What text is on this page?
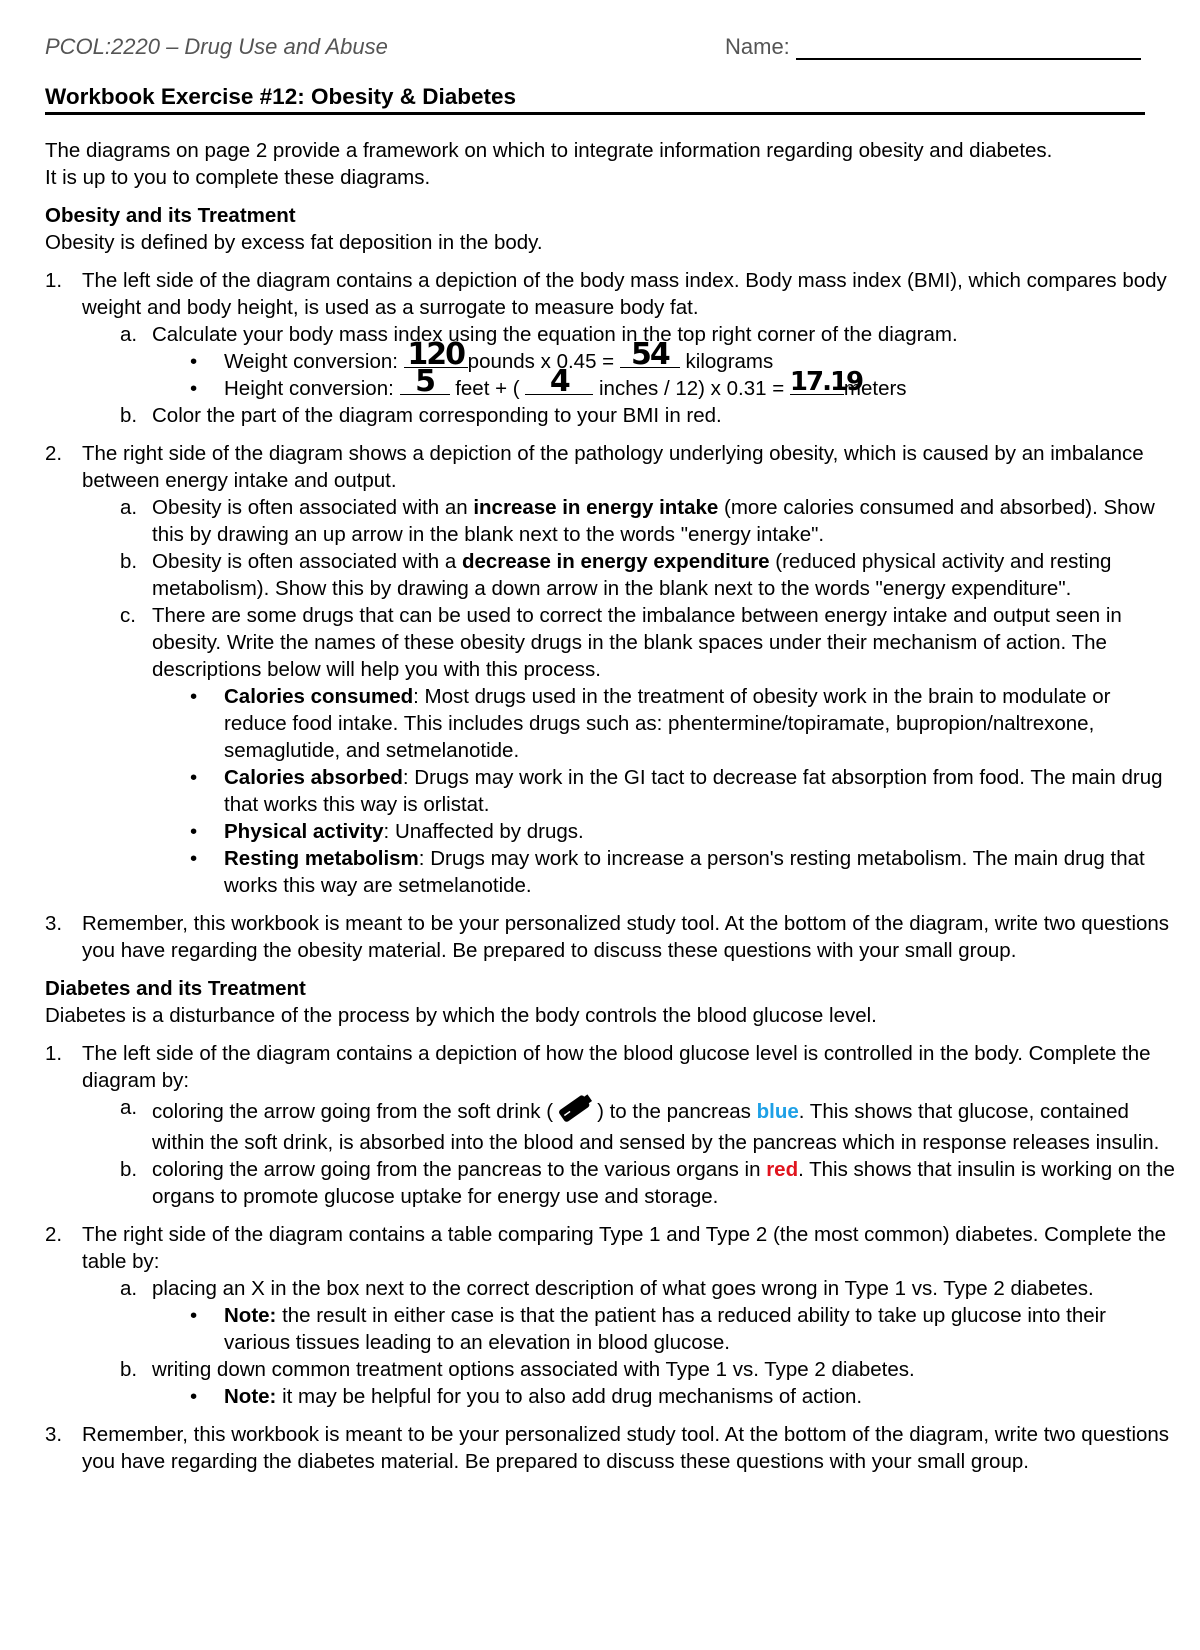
PCOL:2220 – Drug Use and Abuse	Name:
Workbook Exercise #12: Obesity & Diabetes

The diagrams on page 2 provide a framework on which to integrate information regarding obesity and diabetes.

It is up to you to complete these diagrams.

Obesity and its Treatment

Obesity is defined by excess fat deposition in the body.

1. The left side of the diagram contains a depiction of the body mass index. Body mass index (BMI), which compares body weight and body height, is used as a surrogate to measure body fat.
a. Calculate your body mass index using the equation in the top right corner of the diagram.
•	Weight conversion: 120 pounds x 0.45 = 54 kilograms
•	Height conversion: 5	feet + (	4	inches / 12) x 0.31 = 17.19
meters
b. Color the part of the diagram corresponding to your BMI in red.
2. The right side of the diagram shows a depiction of the pathology underlying obesity, which is caused by an imbalance between energy intake and output.
a. Obesity is often associated with an increase in energy intake (more calories consumed and absorbed). Show this by drawing an up arrow in the blank next to the words "energy intake".
b. Obesity is often associated with a decrease in energy expenditure (reduced physical activity and resting metabolism). Show this by drawing a down arrow in the blank next to the words "energy expenditure".
c. There are some drugs that can be used to correct the imbalance between energy intake and output seen in obesity. Write the names of these obesity drugs in the blank spaces under their mechanism of action. The descriptions below will help you with this process.
•	Calories consumed: Most drugs used in the treatment of obesity work in the brain to modulate or reduce food intake. This includes drugs such as: phentermine/topiramate, bupropion/naltrexone, semaglutide, and setmelanotide.
•	Calories absorbed: Drugs may work in the GI tact to decrease fat absorption from food. The main drug that works this way is orlistat.
•	Physical activity: Unaffected by drugs.
•	Resting metabolism: Drugs may work to increase a person's resting metabolism. The main drug that works this way are setmelanotide.
3. Remember, this workbook is meant to be your personalized study tool. At the bottom of the diagram, write two questions you have regarding the obesity material. Be prepared to discuss these questions with your small group.

Diabetes and its Treatment

Diabetes is a disturbance of the process by which the body controls the blood glucose level.

1. The left side of the diagram contains a depiction of how the blood glucose level is controlled in the body. Complete the diagram by:
a. coloring the arrow going from the soft drink ( ) to the pancreas blue. This shows that glucose, contained within the soft drink, is absorbed into the blood and sensed by the pancreas which in response releases insulin.
b. coloring the arrow going from the pancreas to the various organs in red. This shows that insulin is working on the organs to promote glucose uptake for energy use and storage.
2. The right side of the diagram contains a table comparing Type 1 and Type 2 (the most common) diabetes. Complete the table by:
a. placing an X in the box next to the correct description of what goes wrong in Type 1 vs. Type 2 diabetes.
•	Note: the result in either case is that the patient has a reduced ability to take up glucose into their various tissues leading to an elevation in blood glucose.
b. writing down common treatment options associated with Type 1 vs. Type 2 diabetes.
•	Note: it may be helpful for you to also add drug mechanisms of action.
3. Remember, this workbook is meant to be your personalized study tool. At the bottom of the diagram, write two questions you have regarding the diabetes material. Be prepared to discuss these questions with your small group.
